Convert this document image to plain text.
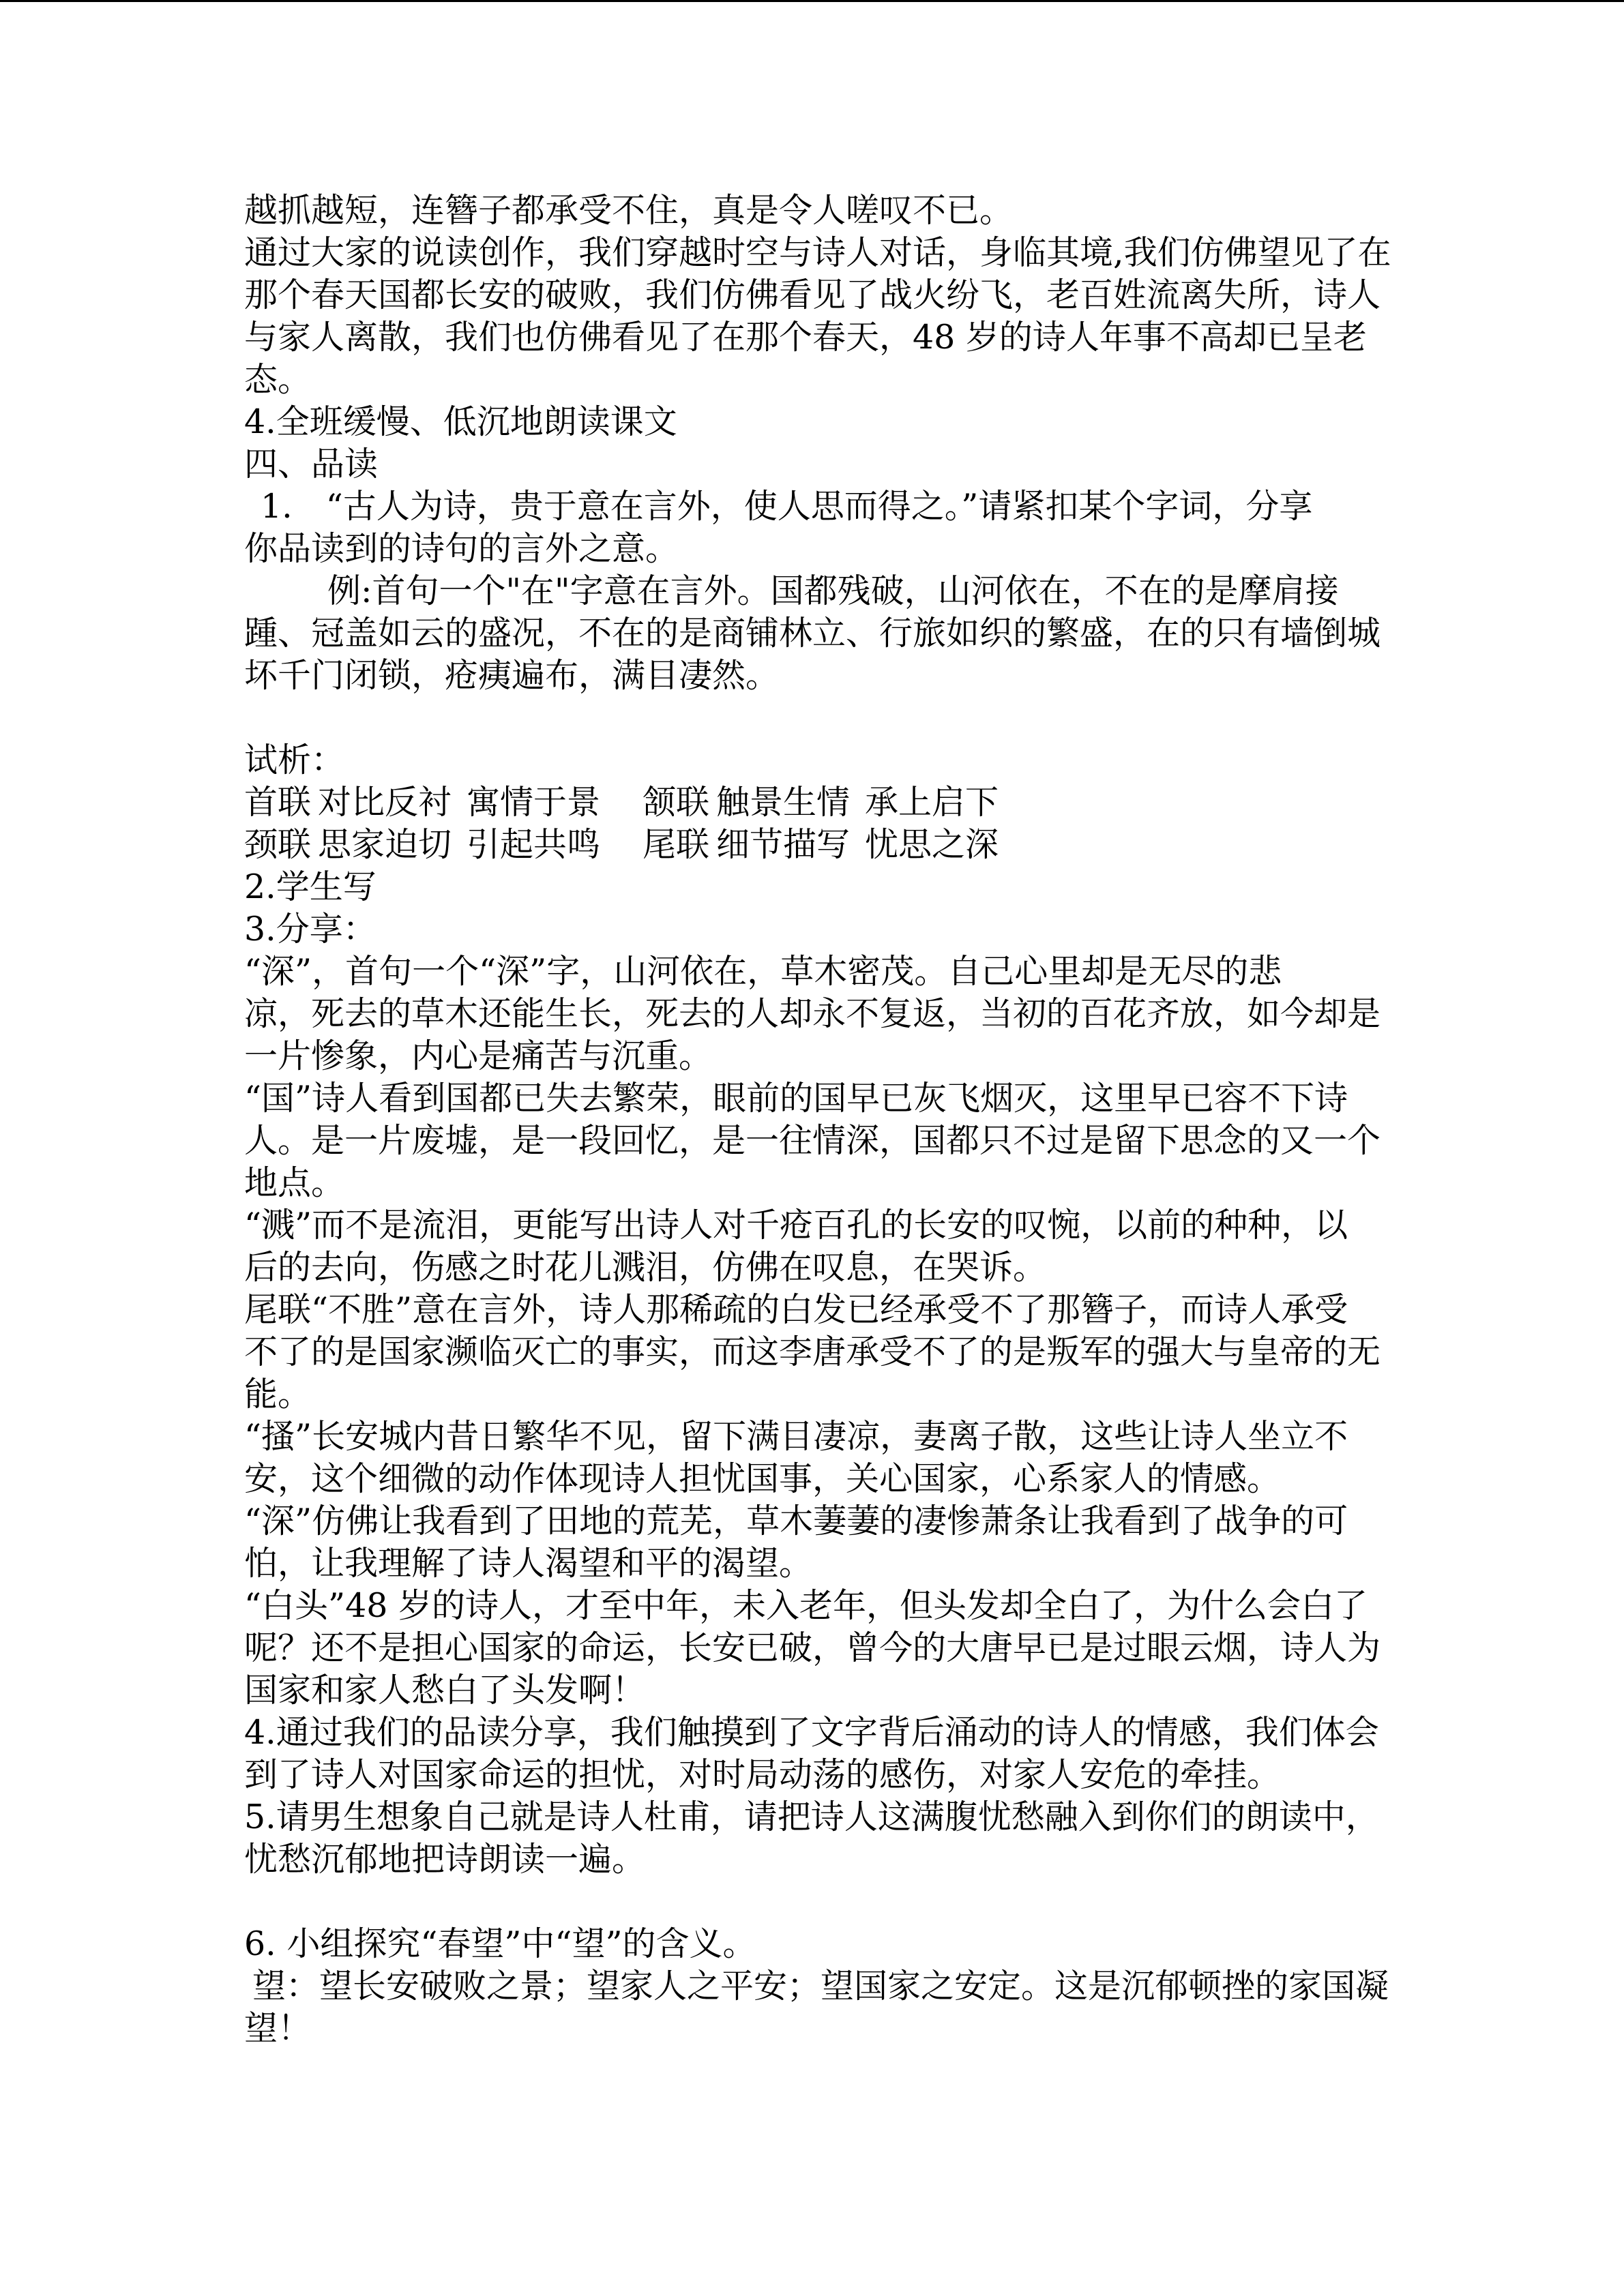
越抓越短，连簪子都承受不住，真是令人嗟叹不已。
通过大家的说读创作，我们穿越时空与诗人对话，身临其境,我们仿佛望见了在
那个春天国都长安的破败，我们仿佛看见了战火纷飞，老百姓流离失所，诗人
与家人离散，我们也仿佛看见了在那个春天，48 岁的诗人年事不高却已呈老
态。
4.全班缓慢、低沉地朗读课文
四、品读
1.　“古人为诗，贵于意在言外，使人思而得之。”请紧扣某个字词，分享
你品读到的诗句的言外之意。
例:首句一个"在"字意在言外。国都残破，山河依在，不在的是摩肩接
踵、冠盖如云的盛况，不在的是商铺林立、行旅如织的繁盛，在的只有墙倒城
坏千门闭锁，疮痍遍布，满目凄然。
试析：
首联 对比反衬 寓情于景 颔联 触景生情 承上启下
颈联 思家迫切 引起共鸣 尾联 细节描写 忧思之深
2.学生写
3.分享：
“深”，首句一个“深”字，山河依在，草木密茂。自己心里却是无尽的悲
凉，死去的草木还能生长，死去的人却永不复返，当初的百花齐放，如今却是
一片惨象，内心是痛苦与沉重。
“国”诗人看到国都已失去繁荣，眼前的国早已灰飞烟灭，这里早已容不下诗
人。是一片废墟，是一段回忆，是一往情深，国都只不过是留下思念的又一个
地点。
“溅”而不是流泪，更能写出诗人对千疮百孔的长安的叹惋，以前的种种，以
后的去向，伤感之时花儿溅泪，仿佛在叹息，在哭诉。
尾联“不胜”意在言外，诗人那稀疏的白发已经承受不了那簪子，而诗人承受
不了的是国家濒临灭亡的事实，而这李唐承受不了的是叛军的强大与皇帝的无
能。
“搔”长安城内昔日繁华不见，留下满目凄凉，妻离子散，这些让诗人坐立不
安，这个细微的动作体现诗人担忧国事，关心国家，心系家人的情感。
“深”仿佛让我看到了田地的荒芜，草木萋萋的凄惨萧条让我看到了战争的可
怕，让我理解了诗人渴望和平的渴望。
“白头”48 岁的诗人，才至中年，未入老年，但头发却全白了，为什么会白了
呢？还不是担心国家的命运，长安已破，曾今的大唐早已是过眼云烟，诗人为
国家和家人愁白了头发啊！
4.通过我们的品读分享，我们触摸到了文字背后涌动的诗人的情感，我们体会
到了诗人对国家命运的担忧，对时局动荡的感伤，对家人安危的牵挂。
5.请男生想象自己就是诗人杜甫，请把诗人这满腹忧愁融入到你们的朗读中，
忧愁沉郁地把诗朗读一遍。
6. 小组探究“春望”中“望”的含义。
望：望长安破败之景；望家人之平安；望国家之安定。这是沉郁顿挫的家国凝
望！
